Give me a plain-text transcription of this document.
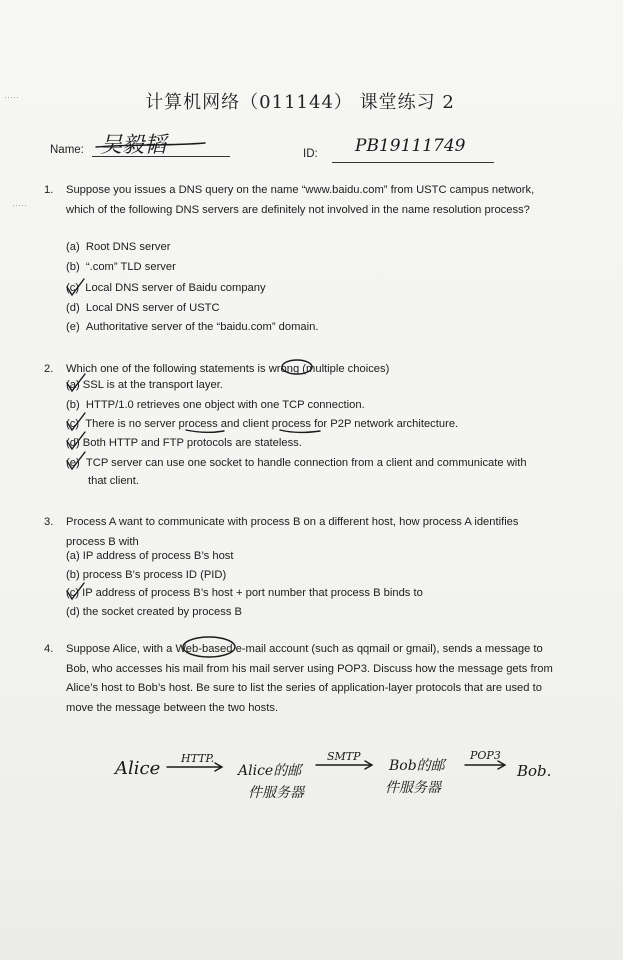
·····
·····
计算机网络（011144） 课堂练习 2
Name: 吴毅韬	ID: PB19111749
1. Suppose you issues a DNS query on the name “www.baidu.com” from USTC campus network, which of the following DNS servers are definitely not involved in the name resolution process?
(a) Root DNS server
(b) “.com” TLD server
(c) Local DNS server of Baidu company
(d) Local DNS server of USTC
(e) Authoritative server of the “baidu.com” domain.
2. Which one of the following statements is wrong (multiple choices)
(a) SSL is at the transport layer.
(b) HTTP/1.0 retrieves one object with one TCP connection.
(c) There is no server process and client process for P2P network architecture.
(d) Both HTTP and FTP protocols are stateless.
(e) TCP server can use one socket to handle connection from a client and communicate with
that client.
3. Process A want to communicate with process B on a different host, how process A identifies process B with
(a) IP address of process B’s host
(b) process B’s process ID (PID)
(c) IP address of process B’s host + port number that process B binds to
(d) the socket created by process B
4. Suppose Alice, with a Web-based e-mail account (such as qqmail or gmail), sends a message to Bob, who accesses his mail from his mail server using POP3. Discuss how the message gets from Alice’s host to Bob’s host. Be sure to list the series of application-layer protocols that are used to move the message between the two hosts.
Alice HTTP.
Alice的邮
件服务器
SMTP
Bob的邮
件服务器
POP3
Bob.
